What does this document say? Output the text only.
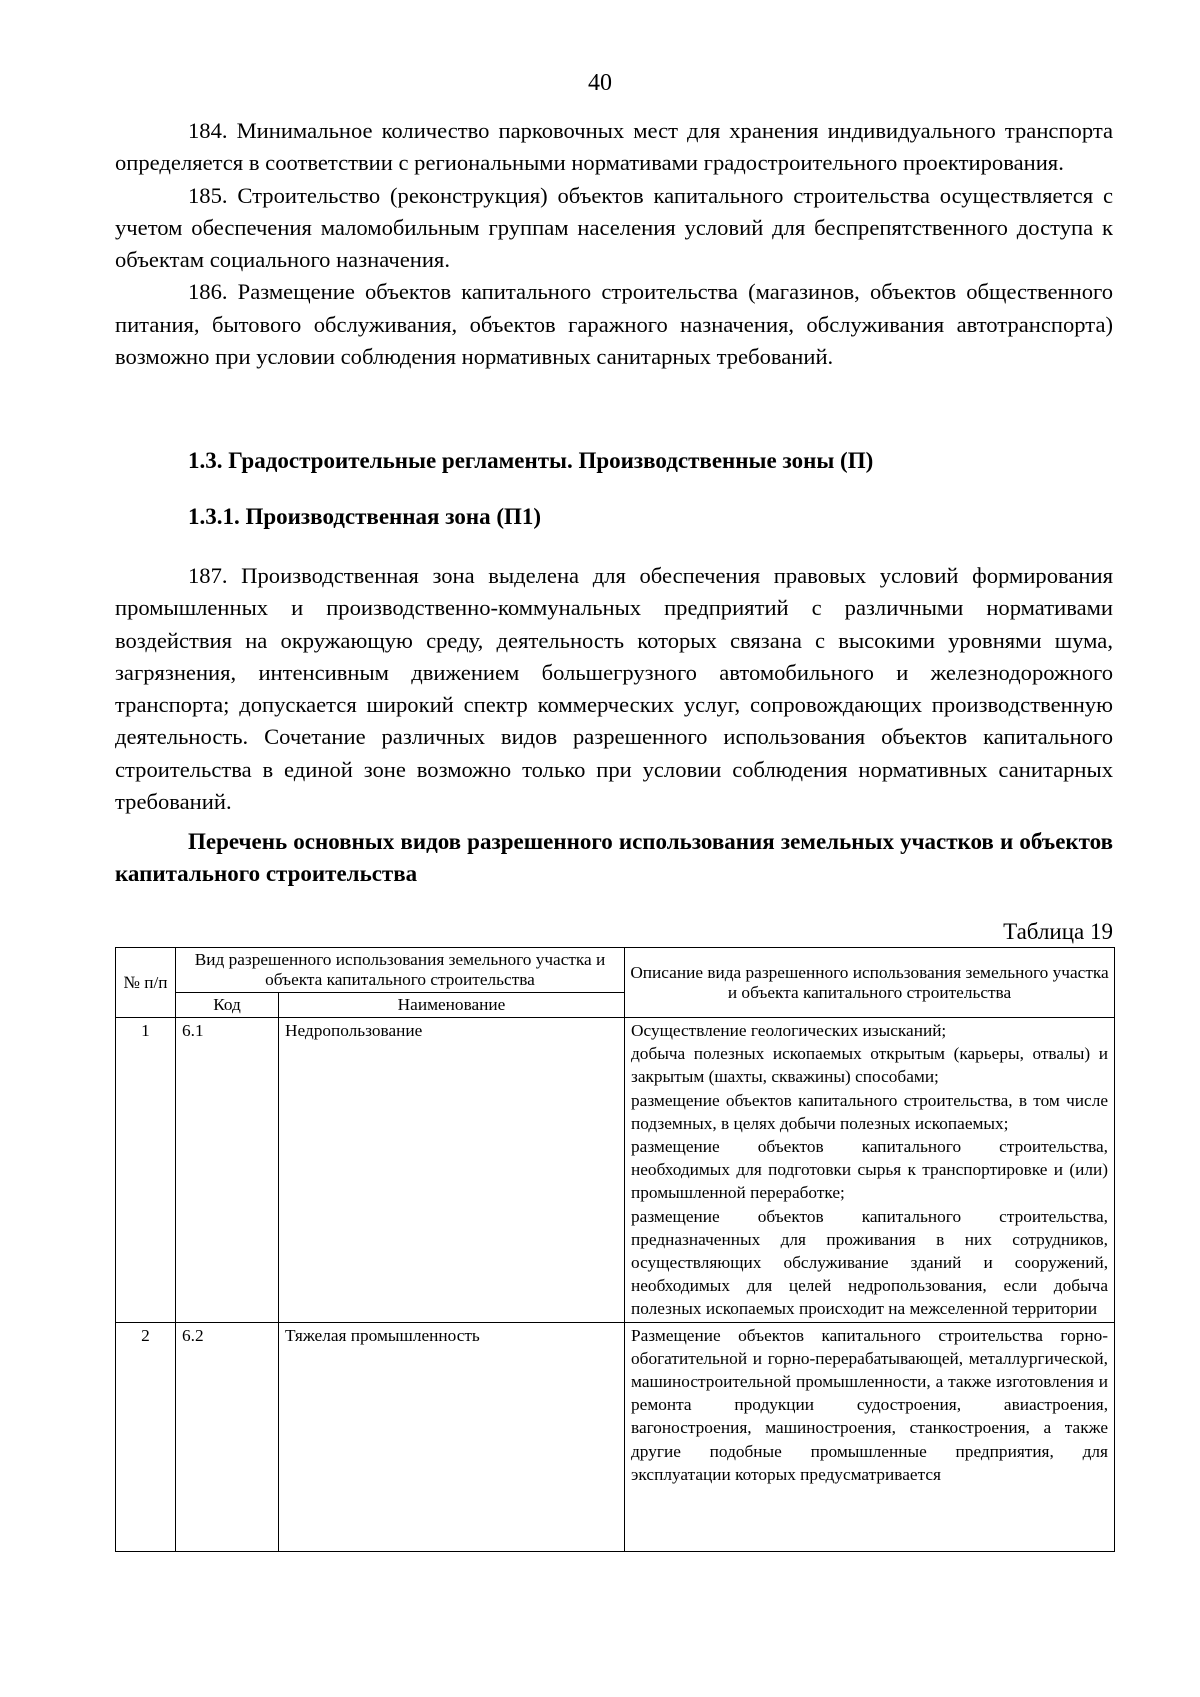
40

184. Минимальное количество парковочных мест для хранения индивидуального транспорта определяется в соответствии с региональными нормативами градостроительного проектирования.

185. Строительство (реконструкция) объектов капитального строительства осуществляется с учетом обеспечения маломобильным группам населения условий для беспрепятственного доступа к объектам социального назначения.

186. Размещение объектов капитального строительства (магазинов, объектов общественного питания, бытового обслуживания, объектов гаражного назначения, обслуживания автотранспорта) возможно при условии соблюдения нормативных санитарных требований.

1.3. Градостроительные регламенты. Производственные зоны (П)
1.3.1. Производственная зона (П1)

187. Производственная зона выделена для обеспечения правовых условий формирования промышленных и производственно-коммунальных предприятий с различными нормативами воздействия на окружающую среду, деятельность которых связана с высокими уровнями шума, загрязнения, интенсивным движением большегрузного автомобильного и железнодорожного транспорта; допускается широкий спектр коммерческих услуг, сопровождающих производственную деятельность. Сочетание различных видов разрешенного использования объектов капитального строительства в единой зоне возможно только при условии соблюдения нормативных санитарных требований.

Перечень основных видов разрешенного использования земельных участков и объектов капитального строительства

Таблица 19
№ п/п	Вид разрешенного использования земельного участка и объекта капитального строительства		Описание вида разрешенного использования земельного участка и объекта капитального строительства
	Код	Наименование	
1	6.1	Недропользование	Осуществление геологических изысканий;
добыча полезных ископаемых открытым (карьеры, отвалы) и закрытым (шахты, скважины) способами;
размещение объектов капитального строительства, в том числе подземных, в целях добычи полезных ископаемых;
размещение объектов капитального строительства, необходимых для подготовки сырья к транспортировке и (или) промышленной переработке;
размещение объектов капитального строительства, предназначенных для проживания в них сотрудников, осуществляющих обслуживание зданий и сооружений, необходимых для целей недропользования, если добыча полезных ископаемых происходит на межселенной территории

2	6.2	Тяжелая промышленность	Размещение объектов капитального строительства горно-обогатительной и горно-перерабатывающей, металлургической, машиностроительной промышленности, а также изготовления и ремонта продукции судостроения, авиастроения, вагоностроения, машиностроения, станкостроения, а также другие подобные промышленные предприятия, для эксплуатации которых предусматривается
